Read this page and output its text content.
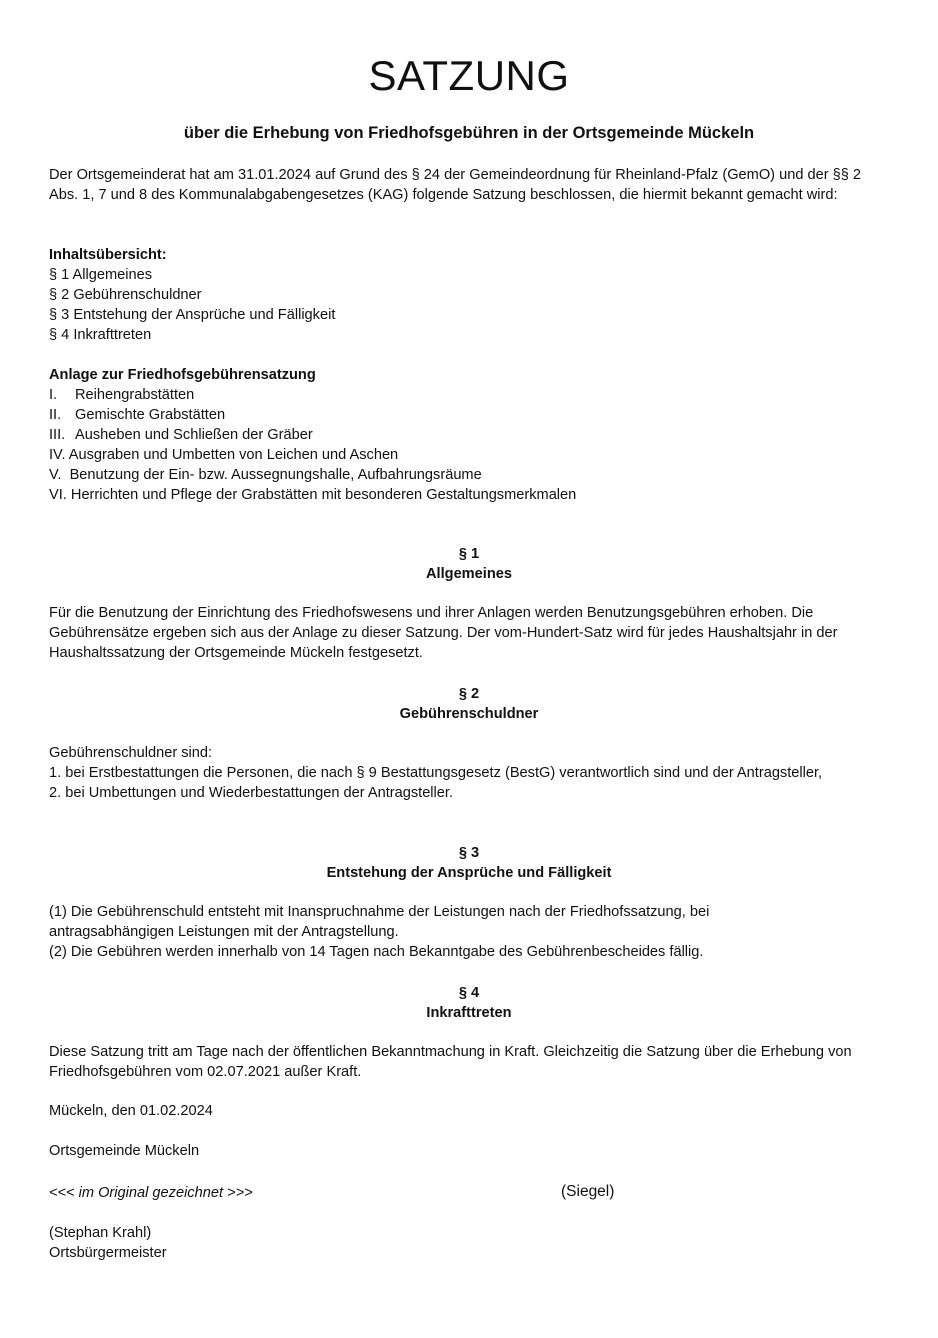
SATZUNG
über die Erhebung von Friedhofsgebühren in der Ortsgemeinde Mückeln

Der Ortsgemeinderat hat am 31.01.2024 auf Grund des § 24 der Gemeindeordnung für Rheinland-Pfalz (GemO) und der §§ 2 Abs. 1, 7 und 8 des Kommunalabgabengesetzes (KAG) folgende Satzung beschlossen, die hiermit bekannt gemacht wird:

Inhaltsübersicht:
§ 1 Allgemeines
§ 2 Gebührenschuldner
§ 3 Entstehung der Ansprüche und Fälligkeit
§ 4 Inkrafttreten
Anlage zur Friedhofsgebührensatzung
I. Reihengrabstätten
II. Gemischte Grabstätten
III. Ausheben und Schließen der Gräber
IV. Ausgraben und Umbetten von Leichen und Aschen
V. Benutzung der Ein- bzw. Aussegnungshalle, Aufbahrungsräume
VI. Herrichten und Pflege der Grabstätten mit besonderen Gestaltungsmerkmalen
§ 1
Allgemeines

Für die Benutzung der Einrichtung des Friedhofswesens und ihrer Anlagen werden Benutzungsgebühren erhoben. Die Gebührensätze ergeben sich aus der Anlage zu dieser Satzung. Der vom-Hundert-Satz wird für jedes Haushaltsjahr in der Haushaltssatzung der Ortsgemeinde Mückeln festgesetzt.

§ 2
Gebührenschuldner
Gebührenschuldner sind:
1. bei Erstbestattungen die Personen, die nach § 9 Bestattungsgesetz (BestG) verantwortlich sind und der Antragsteller,
2. bei Umbettungen und Wiederbestattungen der Antragsteller.
§ 3
Entstehung der Ansprüche und Fälligkeit
(1) Die Gebührenschuld entsteht mit Inanspruchnahme der Leistungen nach der Friedhofssatzung, bei antragsabhängigen Leistungen mit der Antragstellung.
(2) Die Gebühren werden innerhalb von 14 Tagen nach Bekanntgabe des Gebührenbescheides fällig.
§ 4
Inkrafttreten

Diese Satzung tritt am Tage nach der öffentlichen Bekanntmachung in Kraft. Gleichzeitig die Satzung über die Erhebung von Friedhofsgebühren vom 02.07.2021 außer Kraft.

Mückeln, den 01.02.2024
Ortsgemeinde Mückeln
<<< im Original gezeichnet >>>	(Siegel)
(Stephan Krahl)
Ortsbürgermeister
